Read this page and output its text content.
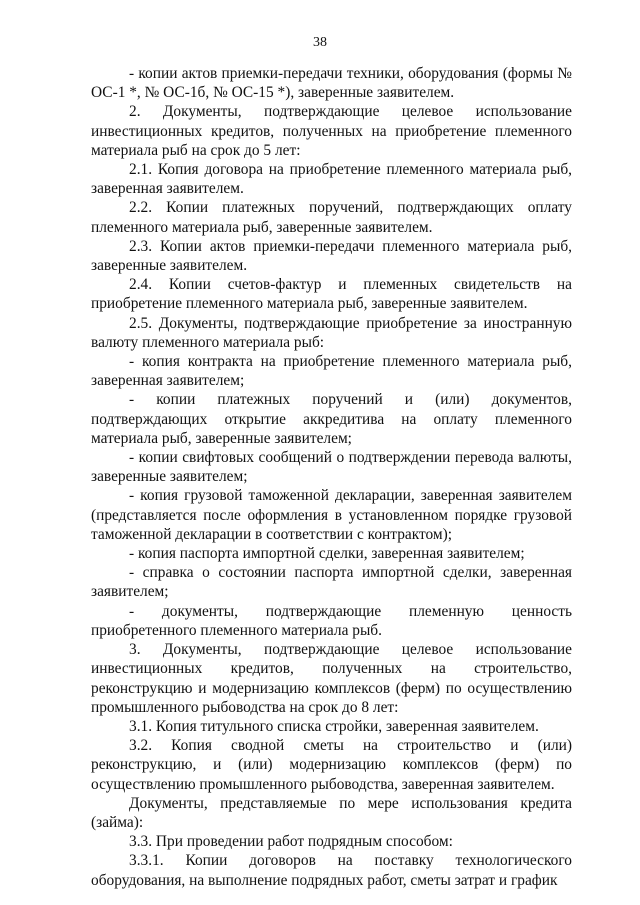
38

- копии актов приемки-передачи техники, оборудования (формы № ОС-1 *, № ОС-1б, № ОС-15 *), заверенные заявителем.

2. Документы, подтверждающие целевое использование инвестиционных кредитов, полученных на приобретение племенного материала рыб на срок до 5 лет:

2.1. Копия договора на приобретение племенного материала рыб, заверенная заявителем.

2.2. Копии платежных поручений, подтверждающих оплату племенного материала рыб, заверенные заявителем.

2.3. Копии актов приемки-передачи племенного материала рыб, заверенные заявителем.

2.4. Копии счетов-фактур и племенных свидетельств на приобретение племенного материала рыб, заверенные заявителем.

2.5. Документы, подтверждающие приобретение за иностранную валюту племенного материала рыб:

- копия контракта на приобретение племенного материала рыб, заверенная заявителем;

- копии платежных поручений и (или) документов, подтверждающих открытие аккредитива на оплату племенного материала рыб, заверенные заявителем;

- копии свифтовых сообщений о подтверждении перевода валюты, заверенные заявителем;

- копия грузовой таможенной декларации, заверенная заявителем (представляется после оформления в установленном порядке грузовой таможенной декларации в соответствии с контрактом);

- копия паспорта импортной сделки, заверенная заявителем;

- справка о состоянии паспорта импортной сделки, заверенная заявителем;

- документы, подтверждающие племенную ценность приобретенного племенного материала рыб.

3. Документы, подтверждающие целевое использование инвестиционных кредитов, полученных на строительство, реконструкцию и модернизацию комплексов (ферм) по осуществлению промышленного рыбоводства на срок до 8 лет:

3.1. Копия титульного списка стройки, заверенная заявителем.

3.2. Копия сводной сметы на строительство и (или) реконструкцию, и (или) модернизацию комплексов (ферм) по осуществлению промышленного рыбоводства, заверенная заявителем.

Документы, представляемые по мере использования кредита (займа):

3.3. При проведении работ подрядным способом:

3.3.1. Копии договоров на поставку технологического оборудования, на выполнение подрядных работ, сметы затрат и график
